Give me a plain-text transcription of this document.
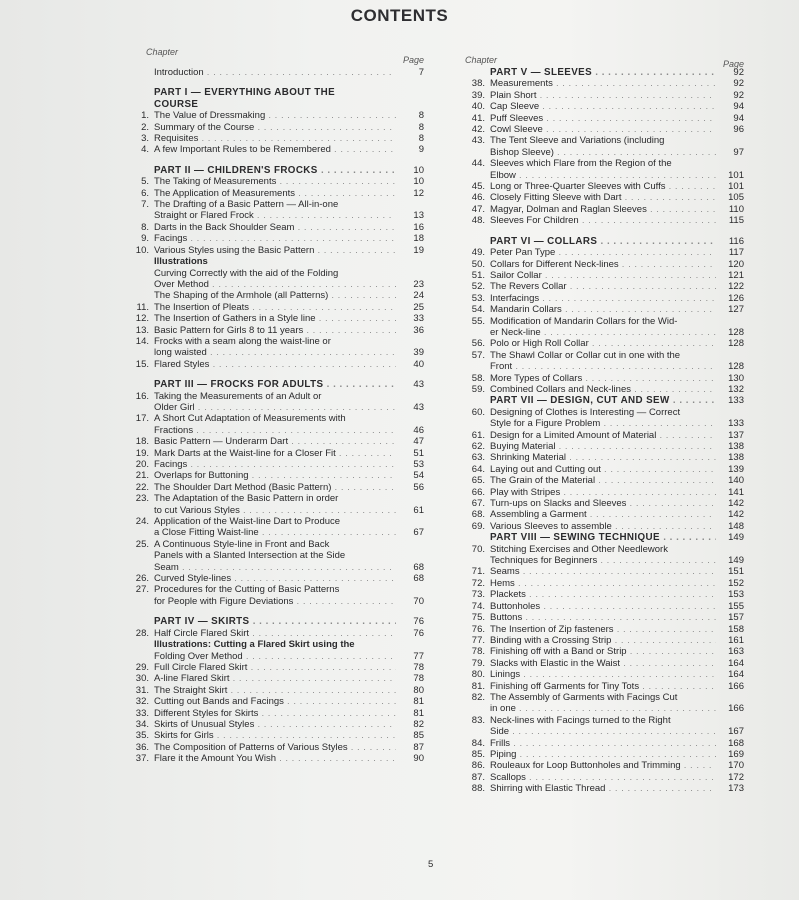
CONTENTS
Chapter
Page
Introduction . . .	7
PART I — EVERYTHING ABOUT THE
COURSE
1. The Value of Dressmaking . . .	8
2. Summary of the Course . . .	8
3. Requisites . . .	8
4. A few Important Rules to be Remembered . . .	9
PART II — CHILDREN'S FROCKS . . .	10
5. The Taking of Measurements . . .	10
6. The Application of Measurements . . .	12
7. The Drafting of a Basic Pattern — All-in-one
Straight or Flared Frock . . .	13
8. Darts in the Back Shoulder Seam . . .	16
9. Facings . . .	18
10. Various Styles using the Basic Pattern . . .	19
Illustrations
Curving Correctly with the aid of the Folding
Over Method . . .	23
The Shaping of the Armhole (all Patterns) . . .	24
11. The Insertion of Pleats . . .	25
12. The Insertion of Gathers in a Style line . . .	33
13. Basic Pattern for Girls 8 to 11 years . . .	36
14. Frocks with a seam along the waist-line or
long waisted . . .	39
15. Flared Styles . . .	40
PART III — FROCKS FOR ADULTS . . .	43
16. Taking the Measurements of an Adult or
Older Girl . . .	43
17. A Short Cut Adaptation of Measurements with
Fractions . . .	46
18. Basic Pattern — Underarm Dart . . .	47
19. Mark Darts at the Waist-line for a Closer Fit . . .	51
20. Facings . . .	53
21. Overlaps for Buttoning . . .	54
22. The Shoulder Dart Method (Basic Pattern) . . .	56
23. The Adaptation of the Basic Pattern in order
to cut Various Styles . . .	61
24. Application of the Waist-line Dart to Produce
a Close Fitting Waist-line . . .	67
25. A Continuous Style-line in Front and Back
Panels with a Slanted Intersection at the Side
Seam . . .	68
26. Curved Style-lines . . .	68
27. Procedures for the Cutting of Basic Patterns
for People with Figure Deviations . . .	70
PART IV — SKIRTS . . .	76
28. Half Circle Flared Skirt . . .	76
Illustrations: Cutting a Flared Skirt using the
Folding Over Method . . .	77
29. Full Circle Flared Skirt . . .	78
30. A-line Flared Skirt . . .	78
31. The Straight Skirt . . .	80
32. Cutting out Bands and Facings . . .	81
33. Different Styles for Skirts . . .	81
34. Skirts of Unusual Styles . . .	82
35. Skirts for Girls . . .	85
36. The Composition of Patterns of Various Styles . . .	87
37. Flare it the Amount You Wish . . .	90
Chapter	Page
PART V — SLEEVES . . .	92
38. Measurements . . .	92
39. Plain Short . . .	92
40. Cap Sleeve . . .	94
41. Puff Sleeves . . .	94
42. Cowl Sleeve . . .	96
43. The Tent Sleeve and Variations (including
Bishop Sleeve) . . .	97
44. Sleeves which Flare from the Region of the
Elbow . . .	101
45. Long or Three-Quarter Sleeves with Cuffs . . .	101
46. Closely Fitting Sleeve with Dart . . .	105
47. Magyar, Dolman and Raglan Sleeves . . .	110
48. Sleeves For Children . . .	115
PART VI — COLLARS . . .	116
49. Peter Pan Type . . .	117
50. Collars for Different Neck-lines . . .	120
51. Sailor Collar . . .	121
52. The Revers Collar . . .	122
53. Interfacings . . .	126
54. Mandarin Collars . . .	127
55. Modification of Mandarin Collars for the Wid-
er Neck-line . . .	128
56. Polo or High Roll Collar . . .	128
57. The Shawl Collar or Collar cut in one with the
Front . . .	128
58. More Types of Collars . . .	130
59. Combined Collars and Neck-lines . . .	132
PART VII — DESIGN, CUT AND SEW . . .	133
60. Designing of Clothes is Interesting — Correct
Style for a Figure Problem . . .	133
61. Design for a Limited Amount of Material . . .	137
62. Buying Material . . .	138
63. Shrinking Material . . .	138
64. Laying out and Cutting out . . .	139
65. The Grain of the Material . . .	140
66. Play with Stripes . . .	141
67. Turn-ups on Slacks and Sleeves . . .	142
68. Assembling a Garment . . .	142
69. Various Sleeves to assemble . . .	148
PART VIII — SEWING TECHNIQUE . . .	149
70. Stitching Exercises and Other Needlework
Techniques for Beginners . . .	149
71. Seams . . .	151
72. Hems . . .	152
73. Plackets . . .	153
74. Buttonholes . . .	155
75. Buttons . . .	157
76. The Insertion of Zip fasteners . . .	158
77. Binding with a Crossing Strip . . .	161
78. Finishing off with a Band or Strip . . .	163
79. Slacks with Elastic in the Waist . . .	164
80. Linings . . .	164
81. Finishing off Garments for Tiny Tots . . .	166
82. The Assembly of Garments with Facings Cut
in one . . .	166
83. Neck-lines with Facings turned to the Right
Side . . .	167
84. Frills . . .	168
85. Piping . . .	169
86. Rouleaux for Loop Buttonholes and Trimming . . .	170
87. Scallops . . .	172
88. Shirring with Elastic Thread . . .	173
5
